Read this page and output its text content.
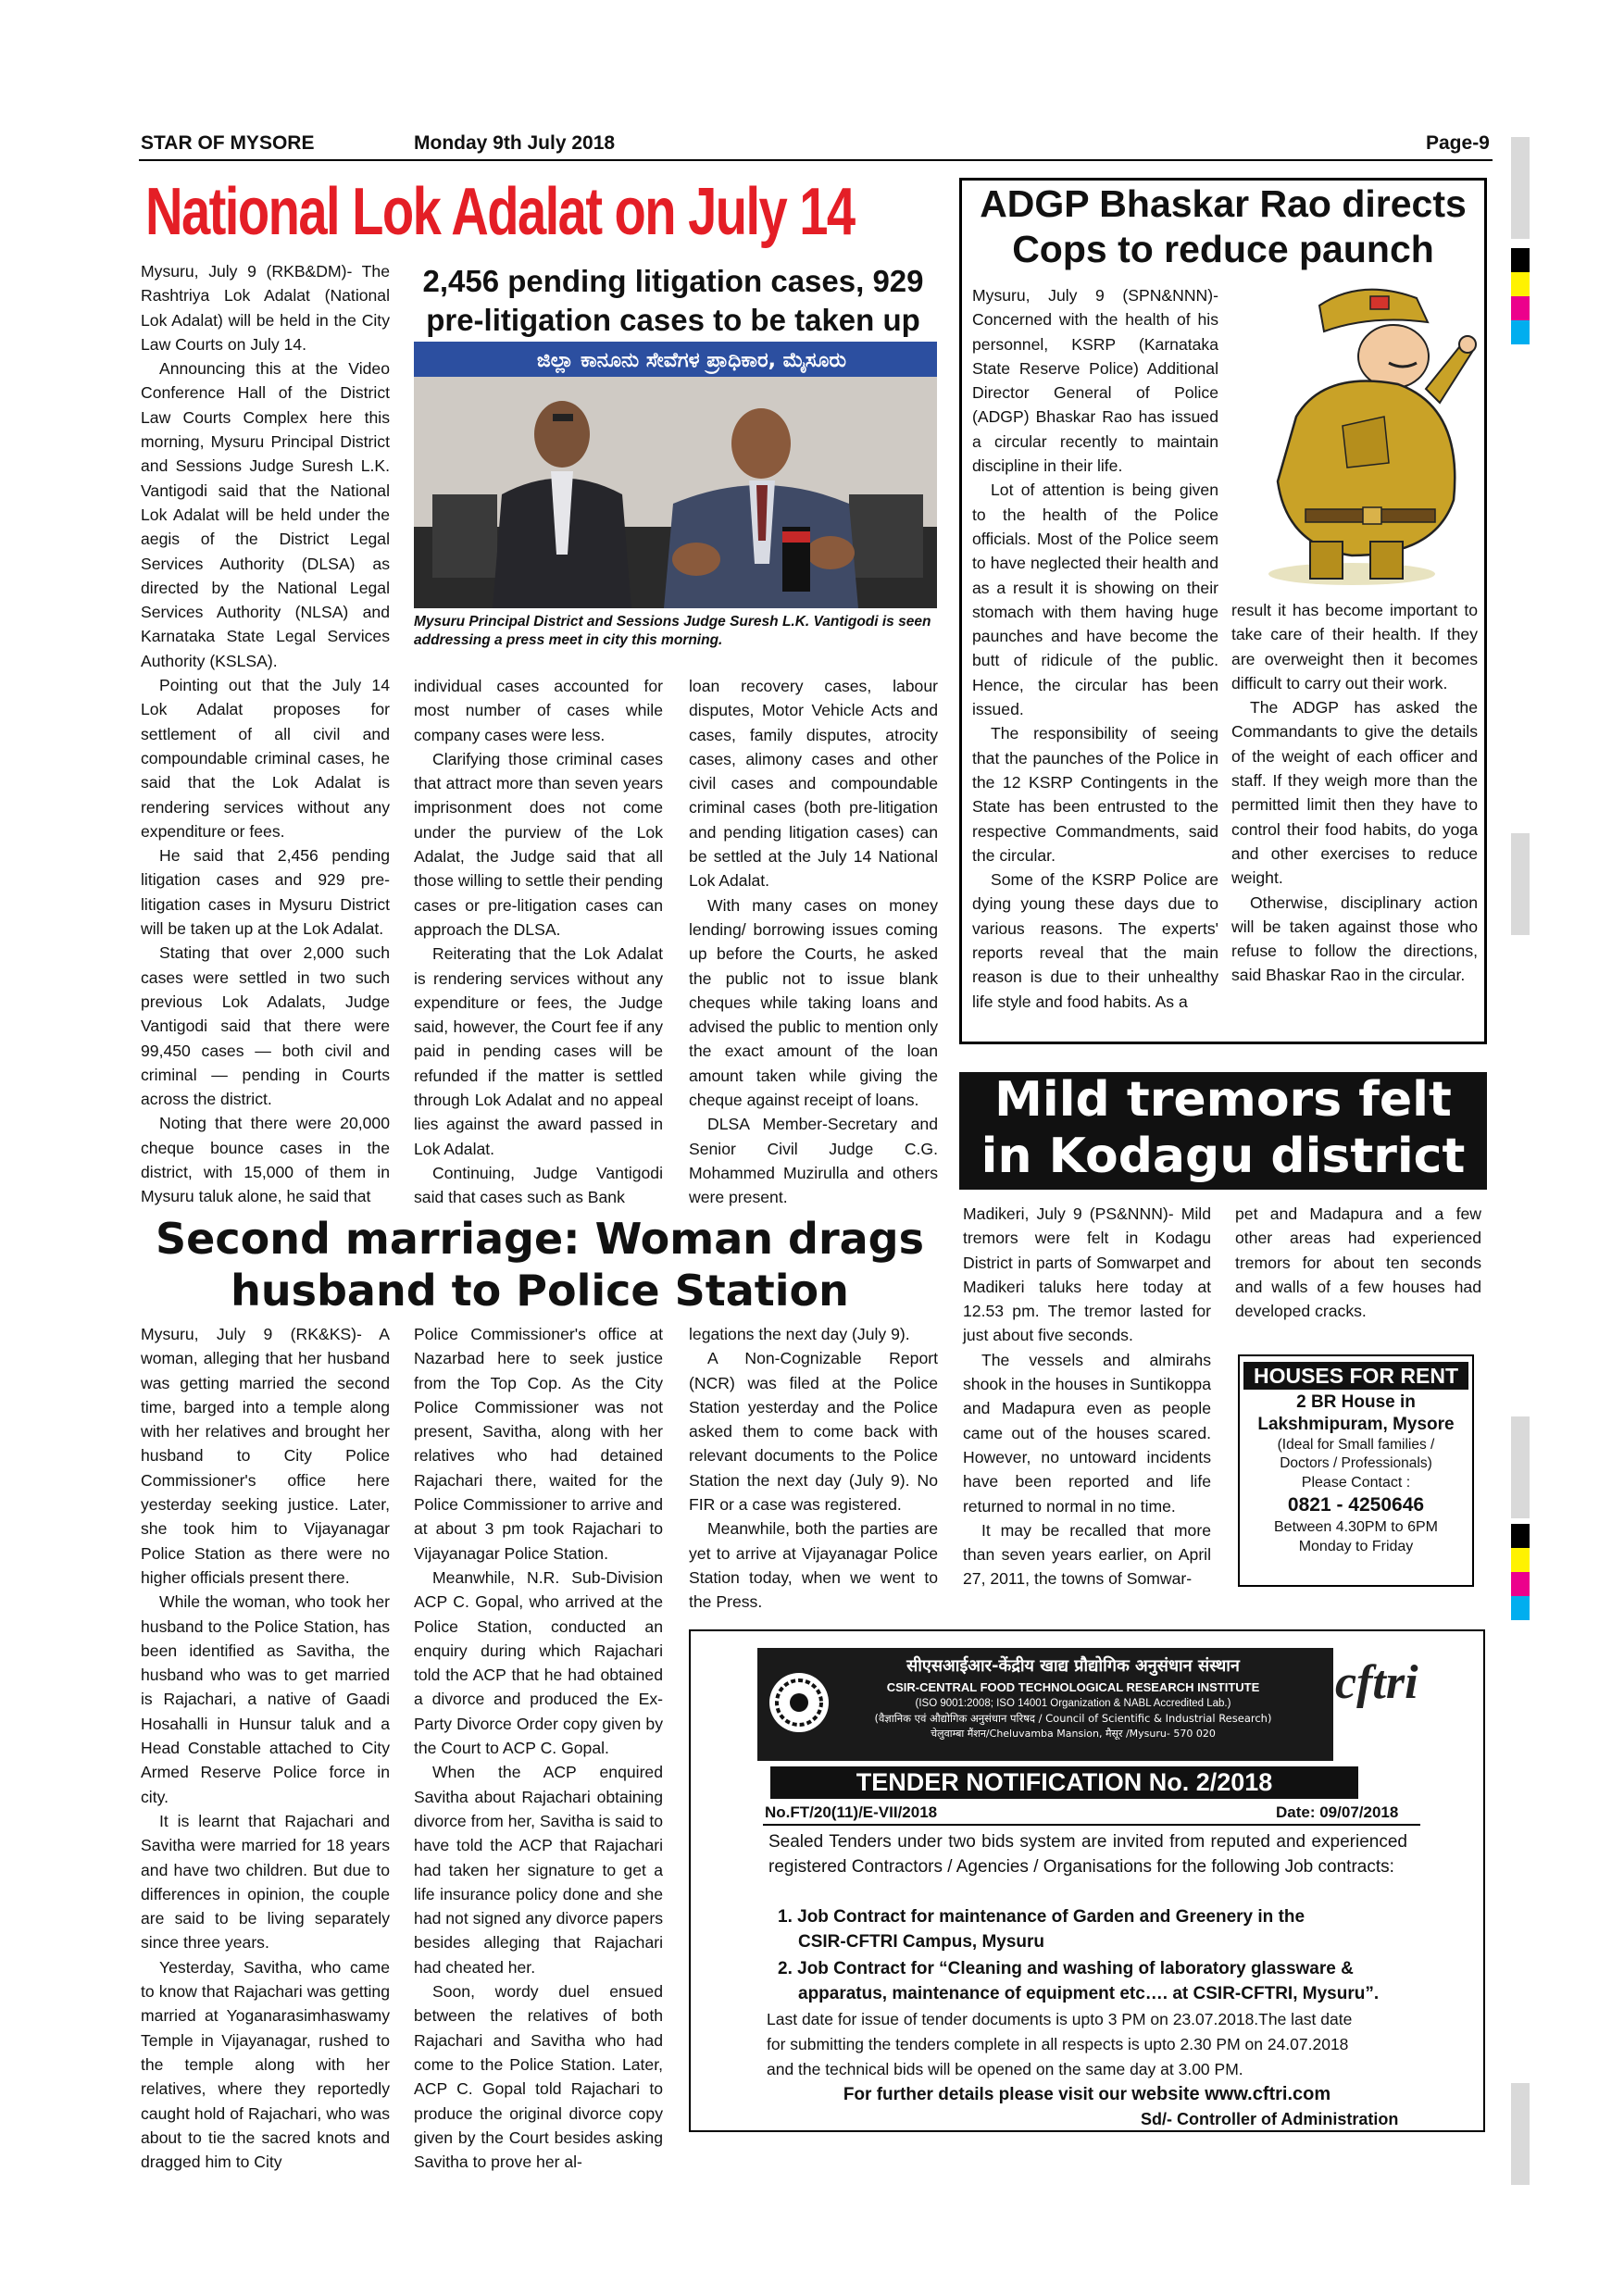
STAR OF MYSORE	Monday 9th July 2018	Page-9
National Lok Adalat on July 14
2,456 pending litigation cases, 929
pre-litigation cases to be taken up
ಜಿಲ್ಲಾ ಕಾನೂನು ಸೇವೆಗಳ ಪ್ರಾಧಿಕಾರ, ಮೈಸೂರು
Mysuru Principal District and Sessions Judge Suresh L.K. Vantigodi is seen addressing a press meet in city this morning.

Mysuru, July 9 (RKB&DM)- The Rashtriya Lok Adalat (National Lok Adalat) will be held in the City Law Courts on July 14.

Announcing this at the Video Conference Hall of the District Law Courts Complex here this morning, Mysuru Principal District and Sessions Judge Suresh L.K. Vantigodi said that the National Lok Adalat will be held under the aegis of the District Legal Services Authority (DLSA) as directed by the National Legal Services Authority (NLSA) and Karnataka State Legal Services Authority (KSLSA).

Pointing out that the July 14 Lok Adalat proposes for settlement of all civil and compoundable criminal cases, he said that the Lok Adalat is rendering services without any expenditure or fees.

He said that 2,456 pending litigation cases and 929 pre-litigation cases in Mysuru District will be taken up at the Lok Adalat.

Stating that over 2,000 such cases were settled in two such previous Lok Adalats, Judge Vantigodi said that there were 99,450 cases — both civil and criminal — pending in Courts across the district.

Noting that there were 20,000 cheque bounce cases in the district, with 15,000 of them in Mysuru taluk alone, he said that

individual cases accounted for most number of cases while company cases were less.

Clarifying those criminal cases that attract more than seven years imprisonment does not come under the purview of the Lok Adalat, the Judge said that all those willing to settle their pending cases or pre-litigation cases can approach the DLSA.

Reiterating that the Lok Adalat is rendering services without any expenditure or fees, the Judge said, however, the Court fee if any paid in pending cases will be refunded if the matter is settled through Lok Adalat and no appeal lies against the award passed in Lok Adalat.

Continuing, Judge Vantigodi said that cases such as Bank

loan recovery cases, labour disputes, Motor Vehicle Acts and cases, family disputes, atrocity cases, alimony cases and other civil cases and compoundable criminal cases (both pre-litigation and pending litigation cases) can be settled at the July 14 National Lok Adalat.

With many cases on money lending/ borrowing issues coming up before the Courts, he asked the public not to issue blank cheques while taking loans and advised the public to mention only the exact amount of the loan amount taken while giving the cheque against receipt of loans.

DLSA Member-Secretary and Senior Civil Judge C.G. Mohammed Muzirulla and others were present.

ADGP Bhaskar Rao directs
Cops to reduce paunch

Mysuru, July 9 (SPN&NNN)- Concerned with the health of his personnel, KSRP (Karnataka State Reserve Police) Additional Director General of Police (ADGP) Bhaskar Rao has issued a circular recently to maintain discipline in their life.

Lot of attention is being given to the health of the Police officials. Most of the Police seem to have neglected their health and as a result it is showing on their stomach with them having huge paunches and have become the butt of ridicule of the public. Hence, the circular has been issued.

The responsibility of seeing that the paunches of the Police in the 12 KSRP Contingents in the State has been entrusted to the respective Commandments, said the circular.

Some of the KSRP Police are dying young these days due to various reasons. The experts' reports reveal that the main reason is due to their unhealthy life style and food habits. As a

result it has become important to take care of their health. If they are overweight then it becomes difficult to carry out their work.

The ADGP has asked the Commandants to give the details of the weight of each officer and staff. If they weigh more than the permitted limit then they have to control their food habits, do yoga and other exercises to reduce weight.

Otherwise, disciplinary action will be taken against those who refuse to follow the directions, said Bhaskar Rao in the circular.

Mild tremors felt
in Kodagu district

Madikeri, July 9 (PS&NNN)- Mild tremors were felt in Kodagu District in parts of Somwarpet and Madikeri taluks here today at 12.53 pm. The tremor lasted for just about five seconds.

The vessels and almirahs shook in the houses in Suntikoppa and Madapura even as people came out of the houses scared. However, no untoward incidents have been reported and life returned to normal in no time.

It may be recalled that more than seven years earlier, on April 27, 2011, the towns of Somwar-

pet and Madapura and a few other areas had experienced tremors for about ten seconds and walls of a few houses had developed cracks.

HOUSES FOR RENT
2 BR House in
Lakshmipuram, Mysore
(Ideal for Small families /
Doctors / Professionals)
Please Contact :
0821 - 4250646
Between 4.30PM to 6PM
Monday to Friday
Second marriage: Woman drags
husband to Police Station

Mysuru, July 9 (RK&KS)- A woman, alleging that her husband was getting married the second time, barged into a temple along with her relatives and brought her husband to City Police Commissioner's office here yesterday seeking justice. Later, she took him to Vijayanagar Police Station as there were no higher officials present there.

While the woman, who took her husband to the Police Station, has been identified as Savitha, the husband who was to get married is Rajachari, a native of Gaadi Hosahalli in Hunsur taluk and a Head Constable attached to City Armed Reserve Police force in city.

It is learnt that Rajachari and Savitha were married for 18 years and have two children. But due to differences in opinion, the couple are said to be living separately since three years.

Yesterday, Savitha, who came to know that Rajachari was getting married at Yoganarasimhaswamy Temple in Vijayanagar, rushed to the temple along with her relatives, where they reportedly caught hold of Rajachari, who was about to tie the sacred knots and dragged him to City

Police Commissioner's office at Nazarbad here to seek justice from the Top Cop. As the City Police Commissioner was not present, Savitha, along with her relatives who had detained Rajachari there, waited for the Police Commissioner to arrive and at about 3 pm took Rajachari to Vijayanagar Police Station.

Meanwhile, N.R. Sub-Division ACP C. Gopal, who arrived at the Police Station, conducted an enquiry during which Rajachari told the ACP that he had obtained a divorce and produced the Ex-Party Divorce Order copy given by the Court to ACP C. Gopal.

When the ACP enquired Savitha about Rajachari obtaining divorce from her, Savitha is said to have told the ACP that Rajachari had taken her signature to get a life insurance policy done and she had not signed any divorce papers besides alleging that Rajachari had cheated her.

Soon, wordy duel ensued between the relatives of both Rajachari and Savitha who had come to the Police Station. Later, ACP C. Gopal told Rajachari to produce the original divorce copy given by the Court besides asking Savitha to prove her al-

legations the next day (July 9).

A Non-Cognizable Report (NCR) was filed at the Police Station yesterday and the Police asked them to come back with relevant documents to the Police Station the next day (July 9). No FIR or a case was registered.

Meanwhile, both the parties are yet to arrive at Vijayanagar Police Station today, when we went to the Press.

सीएसआईआर-केंद्रीय खाद्य प्रौद्योगिक अनुसंधान संस्थान
CSIR-CENTRAL FOOD TECHNOLOGICAL RESEARCH INSTITUTE
(ISO 9001:2008; ISO 14001 Organization & NABL Accredited Lab.)
(वैज्ञानिक एवं औद्योगिक अनुसंधान परिषद / Council of Scientific & Industrial Research)
चेलुवाम्बा मैंशन/Cheluvamba Mansion, मैसूर /Mysuru- 570 020
cftri
TENDER NOTIFICATION No. 2/2018
No.FT/20(11)/E-VII/2018	Date: 09/07/2018
Sealed Tenders under two bids system are invited from reputed and experienced registered Contractors / Agencies / Organisations for the following Job contracts:
1. Job Contract for maintenance of Garden and Greenery in the
CSIR-CFTRI Campus, Mysuru
2. Job Contract for “Cleaning and washing of laboratory glassware &
apparatus, maintenance of equipment etc…. at CSIR-CFTRI, Mysuru”.
Last date for issue of tender documents is upto 3 PM on 23.07.2018.The last date
for submitting the tenders complete in all respects is upto 2.30 PM on 24.07.2018
and the technical bids will be opened on the same day at 3.00 PM.
For further details please visit our website www.cftri.com
Sd/- Controller of Administration
